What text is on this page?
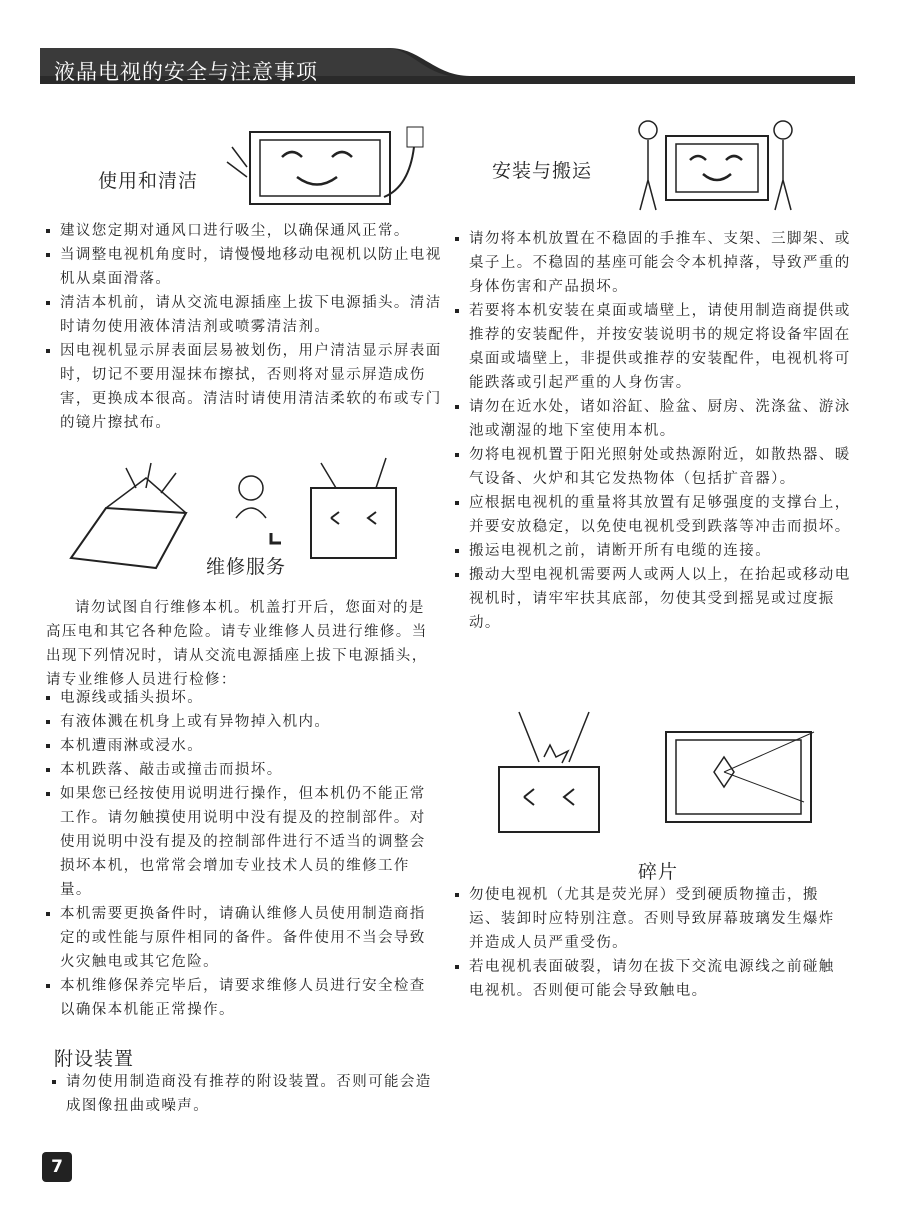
液晶电视的安全与注意事项
使用和清洁
建议您定期对通风口进行吸尘，以确保通风正常。
当调整电视机角度时，请慢慢地移动电视机以防止电视机从桌面滑落。
清洁本机前，请从交流电源插座上拔下电源插头。清洁时请勿使用液体清洁剂或喷雾清洁剂。
因电视机显示屏表面层易被划伤，用户清洁显示屏表面时，切记不要用湿抹布擦拭，否则将对显示屏造成伤害，更换成本很高。清洁时请使用清洁柔软的布或专门的镜片擦拭布。
维修服务

请勿试图自行维修本机。机盖打开后，您面对的是高压电和其它各种危险。请专业维修人员进行维修。当出现下列情况时，请从交流电源插座上拔下电源插头，请专业维修人员进行检修：

电源线或插头损坏。
有液体溅在机身上或有异物掉入机内。
本机遭雨淋或浸水。
本机跌落、敲击或撞击而损坏。
如果您已经按使用说明进行操作，但本机仍不能正常工作。请勿触摸使用说明中没有提及的控制部件。对使用说明中没有提及的控制部件进行不适当的调整会损坏本机，也常常会增加专业技术人员的维修工作量。
本机需要更换备件时，请确认维修人员使用制造商指定的或性能与原件相同的备件。备件使用不当会导致火灾触电或其它危险。
本机维修保养完毕后，请要求维修人员进行安全检查以确保本机能正常操作。
附设装置
请勿使用制造商没有推荐的附设装置。否则可能会造成图像扭曲或噪声。
安装与搬运
请勿将本机放置在不稳固的手推车、支架、三脚架、或桌子上。不稳固的基座可能会令本机掉落，导致严重的身体伤害和产品损坏。
若要将本机安装在桌面或墙壁上，请使用制造商提供或推荐的安装配件，并按安装说明书的规定将设备牢固在桌面或墙壁上，非提供或推荐的安装配件，电视机将可能跌落或引起严重的人身伤害。
请勿在近水处，诸如浴缸、脸盆、厨房、洗涤盆、游泳池或潮湿的地下室使用本机。
勿将电视机置于阳光照射处或热源附近，如散热器、暖气设备、火炉和其它发热物体（包括扩音器）。
应根据电视机的重量将其放置有足够强度的支撑台上，并要安放稳定，以免使电视机受到跌落等冲击而损坏。
搬运电视机之前，请断开所有电缆的连接。
搬动大型电视机需要两人或两人以上，在抬起或移动电视机时，请牢牢扶其底部，勿使其受到摇晃或过度振动。
碎片
勿使电视机（尤其是荧光屏）受到硬质物撞击，搬运、装卸时应特别注意。否则导致屏幕玻璃发生爆炸并造成人员严重受伤。
若电视机表面破裂，请勿在拔下交流电源线之前碰触电视机。否则便可能会导致触电。
7
